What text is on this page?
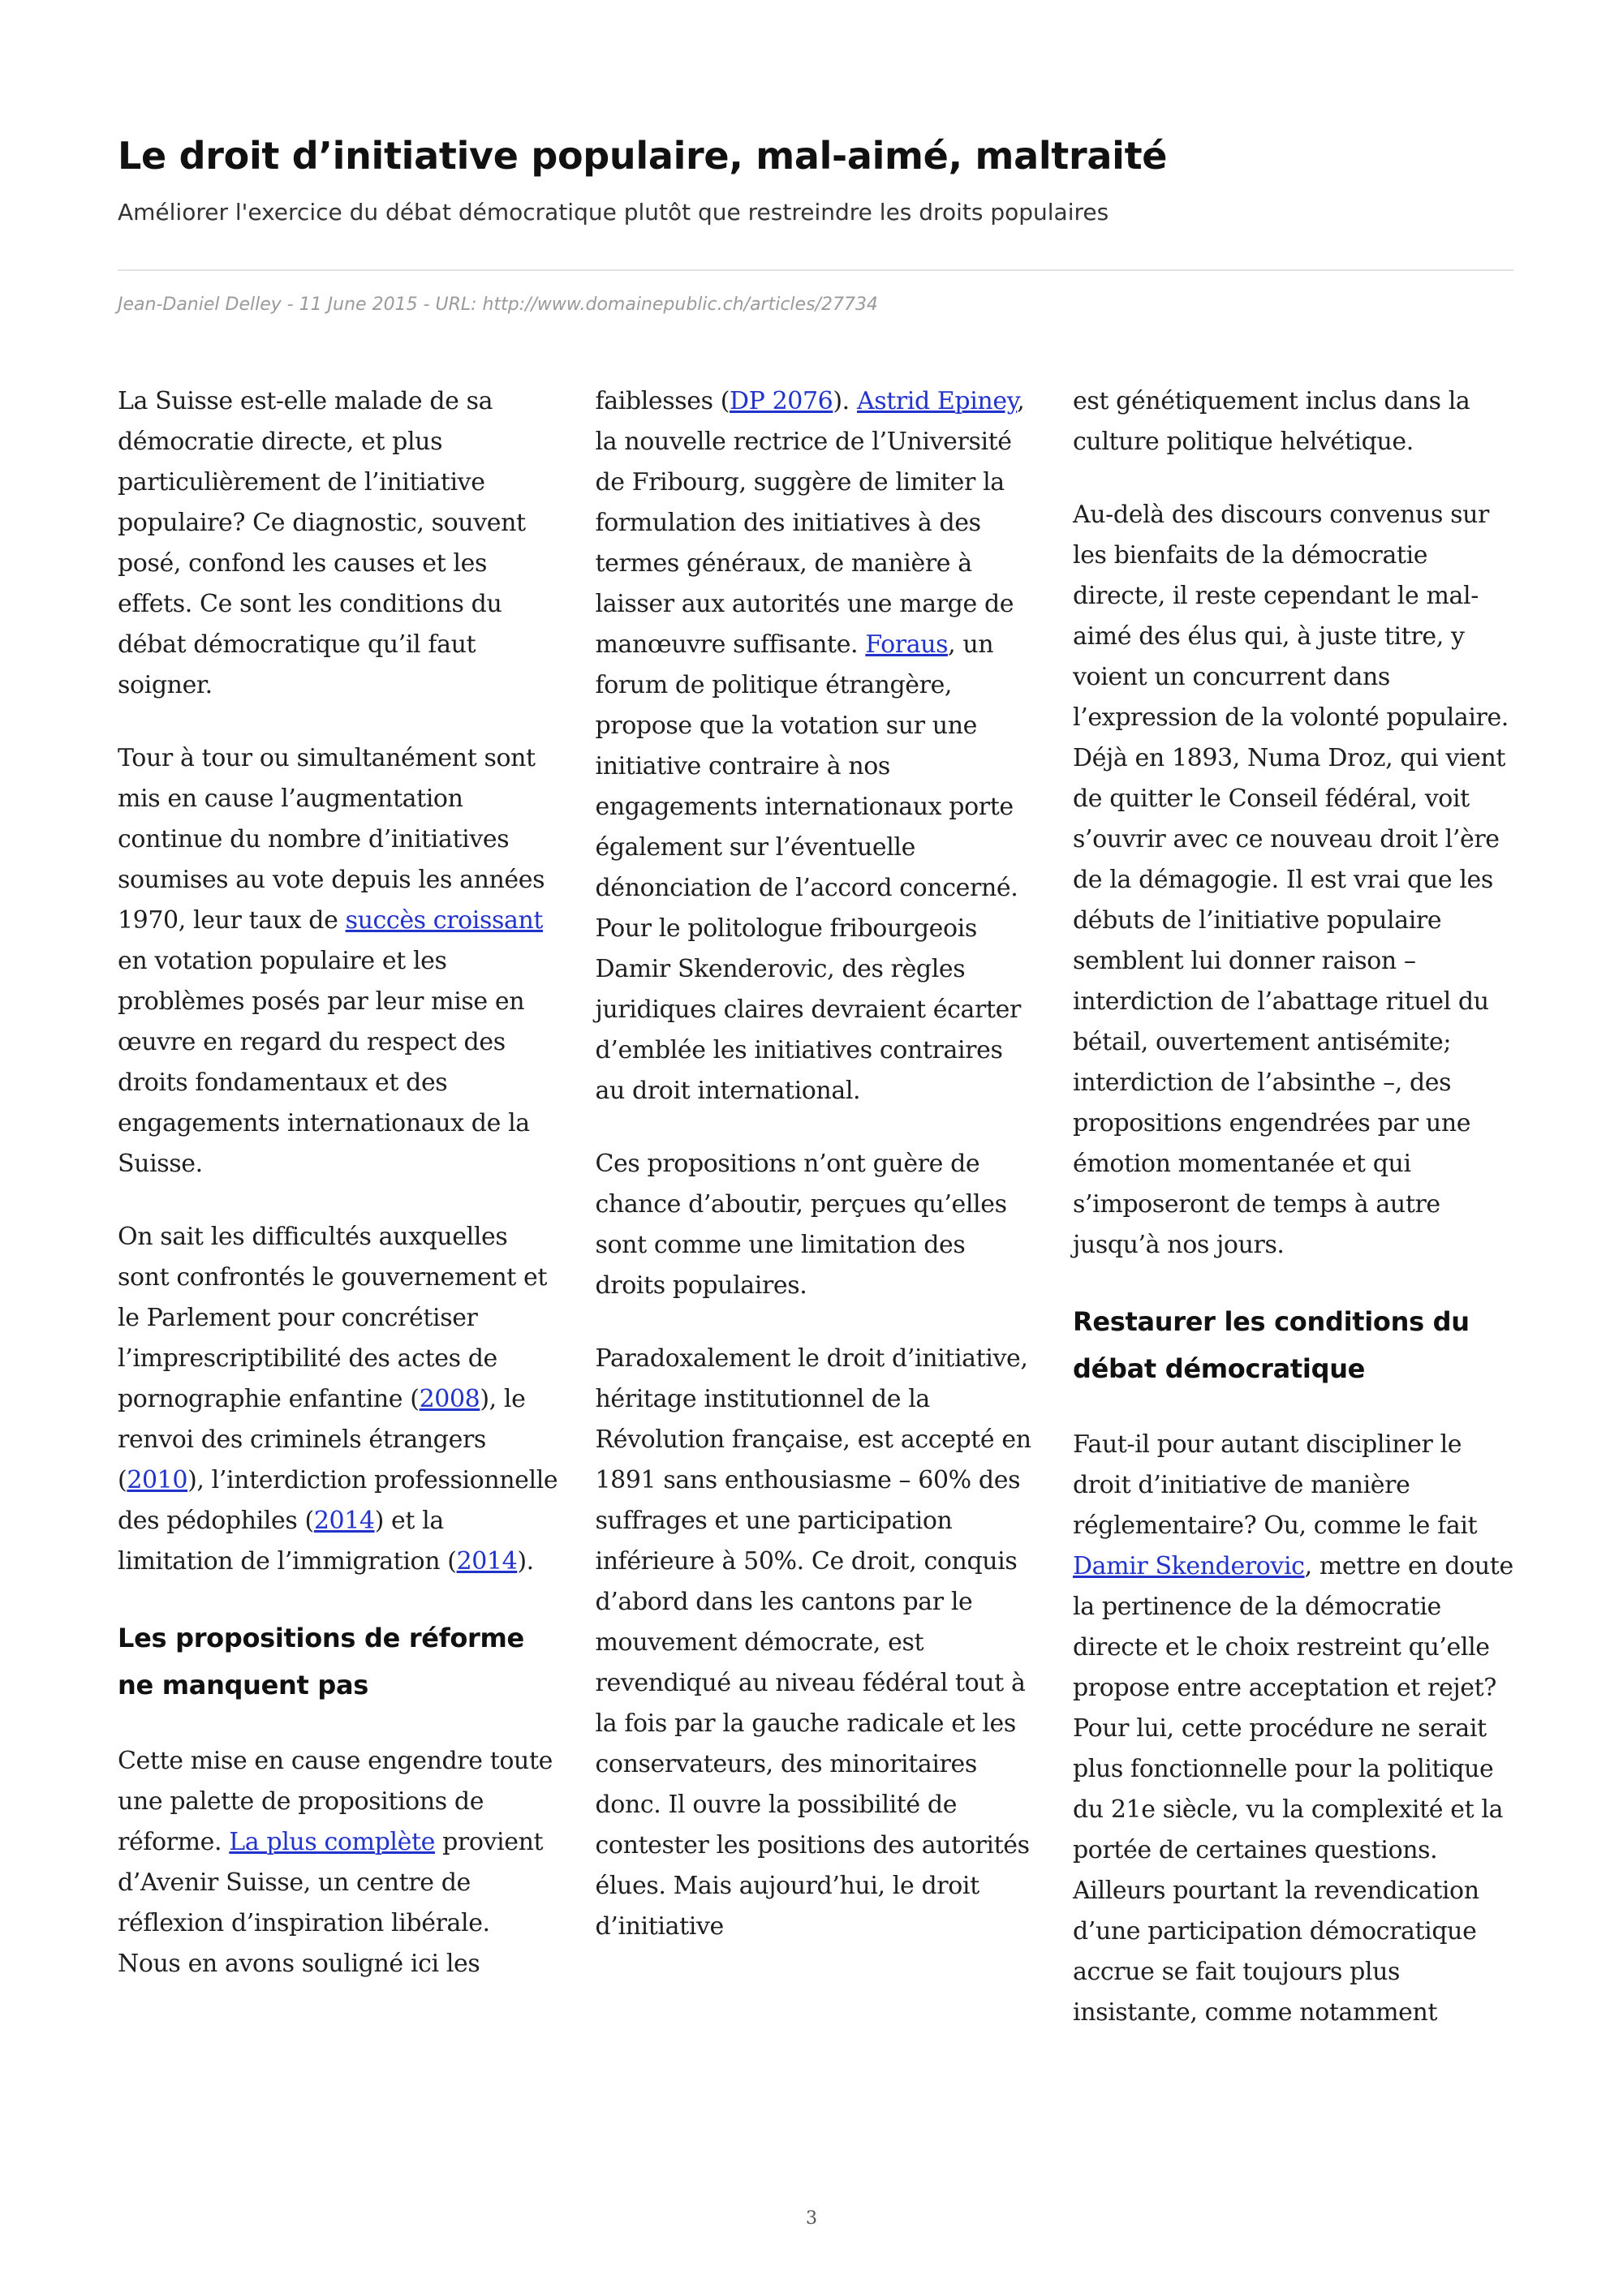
Le droit d’initiative populaire, mal-aimé, maltraité

Améliorer l'exercice du débat démocratique plutôt que restreindre les droits populaires

Jean-Daniel Delley - 11 June 2015 - URL: http://www.domainepublic.ch/articles/27734

La Suisse est-elle malade de sa démocratie directe, et plus particulièrement de l’initiative populaire? Ce diagnostic, souvent posé, confond les causes et les effets. Ce sont les conditions du débat démocratique qu’il faut soigner.

Tour à tour ou simultanément sont mis en cause l’augmentation continue du nombre d’initiatives soumises au vote depuis les années 1970, leur taux de succès croissant en votation populaire et les problèmes posés par leur mise en œuvre en regard du respect des droits fondamentaux et des engagements internationaux de la Suisse.

On sait les difficultés auxquelles sont confrontés le gouvernement et le Parlement pour concrétiser l’imprescriptibilité des actes de pornographie enfantine (2008), le renvoi des criminels étrangers (2010), l’interdiction professionnelle des pédophiles (2014) et la limitation de l’immigration (2014).

Les propositions de réforme ne manquent pas

Cette mise en cause engendre toute une palette de propositions de réforme. La plus complète provient d’Avenir Suisse, un centre de réflexion d’inspiration libérale. Nous en avons souligné ici les

faiblesses (DP 2076). Astrid Epiney, la nouvelle rectrice de l’Université de Fribourg, suggère de limiter la formulation des initiatives à des termes généraux, de manière à laisser aux autorités une marge de manœuvre suffisante. Foraus, un forum de politique étrangère, propose que la votation sur une initiative contraire à nos engagements internationaux porte également sur l’éventuelle dénonciation de l’accord concerné. Pour le politologue fribourgeois Damir Skenderovic, des règles juridiques claires devraient écarter d’emblée les initiatives contraires au droit international.

Ces propositions n’ont guère de chance d’aboutir, perçues qu’elles sont comme une limitation des droits populaires.

Paradoxalement le droit d’initiative, héritage institutionnel de la Révolution française, est accepté en 1891 sans enthousiasme – 60% des suffrages et une participation inférieure à 50%. Ce droit, conquis d’abord dans les cantons par le mouvement démocrate, est revendiqué au niveau fédéral tout à la fois par la gauche radicale et les conservateurs, des minoritaires donc. Il ouvre la possibilité de contester les positions des autorités élues. Mais aujourd’hui, le droit d’initiative

est génétiquement inclus dans la culture politique helvétique.

Au-delà des discours convenus sur les bienfaits de la démocratie directe, il reste cependant le mal-aimé des élus qui, à juste titre, y voient un concurrent dans l’expression de la volonté populaire. Déjà en 1893, Numa Droz, qui vient de quitter le Conseil fédéral, voit s’ouvrir avec ce nouveau droit l’ère de la démagogie. Il est vrai que les débuts de l’initiative populaire semblent lui donner raison – interdiction de l’abattage rituel du bétail, ouvertement antisémite; interdiction de l’absinthe –, des propositions engendrées par une émotion momentanée et qui s’imposeront de temps à autre jusqu’à nos jours.

Restaurer les conditions du débat démocratique

Faut-il pour autant discipliner le droit d’initiative de manière réglementaire? Ou, comme le fait Damir Skenderovic, mettre en doute la pertinence de la démocratie directe et le choix restreint qu’elle propose entre acceptation et rejet? Pour lui, cette procédure ne serait plus fonctionnelle pour la politique du 21e siècle, vu la complexité et la portée de certaines questions. Ailleurs pourtant la revendication d’une participation démocratique accrue se fait toujours plus insistante, comme notamment

3
